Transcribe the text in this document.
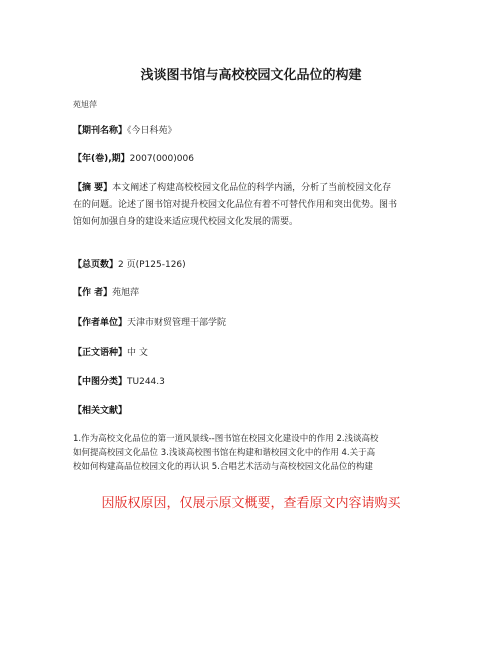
浅谈图书馆与高校校园文化品位的构建
苑旭萍
【期刊名称】《今日科苑》
【年(卷),期】2007(000)006
【摘 要】本文阐述了构建高校校园文化品位的科学内涵，分析了当前校园文化存
在的问题。论述了图书馆对提升校园文化品位有着不可替代作用和突出优势。图书
馆如何加强自身的建设来适应现代校园文化发展的需要。
【总页数】2 页(P125-126)
【作 者】苑旭萍
【作者单位】天津市财贸管理干部学院
【正文语种】中 文
【中图分类】TU244.3
【相关文献】
1.作为高校文化品位的第一道风景线--图书馆在校园文化建设中的作用 2.浅谈高校
如何提高校园文化品位 3.浅谈高校图书馆在构建和谐校园文化中的作用 4.关于高
校如何构建高品位校园文化的再认识 5.合唱艺术活动与高校校园文化品位的构建
因版权原因，仅展示原文概要，查看原文内容请购买
